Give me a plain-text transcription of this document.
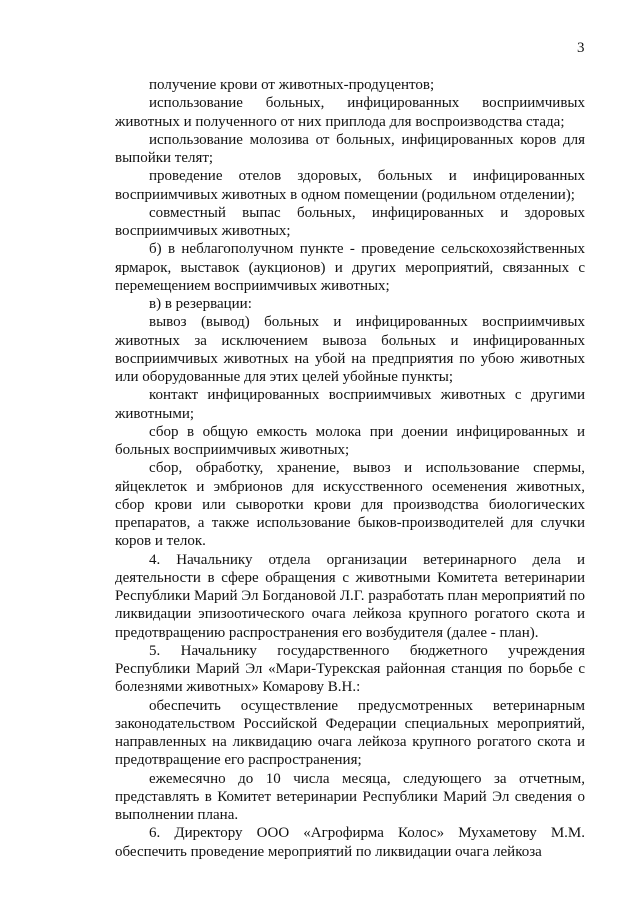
3

получение крови от животных-продуцентов;

использование больных, инфицированных восприимчивых животных и полученного от них приплода для воспроизводства стада;

использование молозива от больных, инфицированных коров для выпойки телят;

проведение отелов здоровых, больных и инфицированных восприимчивых животных в одном помещении (родильном отделении);

совместный выпас больных, инфицированных и здоровых восприимчивых животных;

б) в неблагополучном пункте - проведение сельскохозяйственных ярмарок, выставок (аукционов) и других мероприятий, связанных с перемещением восприимчивых животных;

в) в резервации:

вывоз (вывод) больных и инфицированных восприимчивых животных за исключением вывоза больных и инфицированных восприимчивых животных на убой на предприятия по убою животных или оборудованные для этих целей убойные пункты;

контакт инфицированных восприимчивых животных с другими животными;

сбор в общую емкость молока при доении инфицированных и больных восприимчивых животных;

сбор, обработку, хранение, вывоз и использование спермы, яйцеклеток и эмбрионов для искусственного осеменения животных, сбор крови или сыворотки крови для производства биологических препаратов, а также использование быков-производителей для случки коров и телок.

4. Начальнику отдела организации ветеринарного дела и деятельности в сфере обращения с животными Комитета ветеринарии Республики Марий Эл Богдановой Л.Г. разработать план мероприятий по ликвидации эпизоотического очага лейкоза крупного рогатого скота и предотвращению распространения его возбудителя (далее - план).

5. Начальнику государственного бюджетного учреждения Республики Марий Эл «Мари-Турекская районная станция по борьбе с болезнями животных» Комарову В.Н.:

обеспечить осуществление предусмотренных ветеринарным законодательством Российской Федерации специальных мероприятий, направленных на ликвидацию очага лейкоза крупного рогатого скота и предотвращение его распространения;

ежемесячно до 10 числа месяца, следующего за отчетным, представлять в Комитет ветеринарии Республики Марий Эл сведения о выполнении плана.

6. Директору ООО «Агрофирма Колос» Мухаметову М.М. обеспечить проведение мероприятий по ликвидации очага лейкоза
